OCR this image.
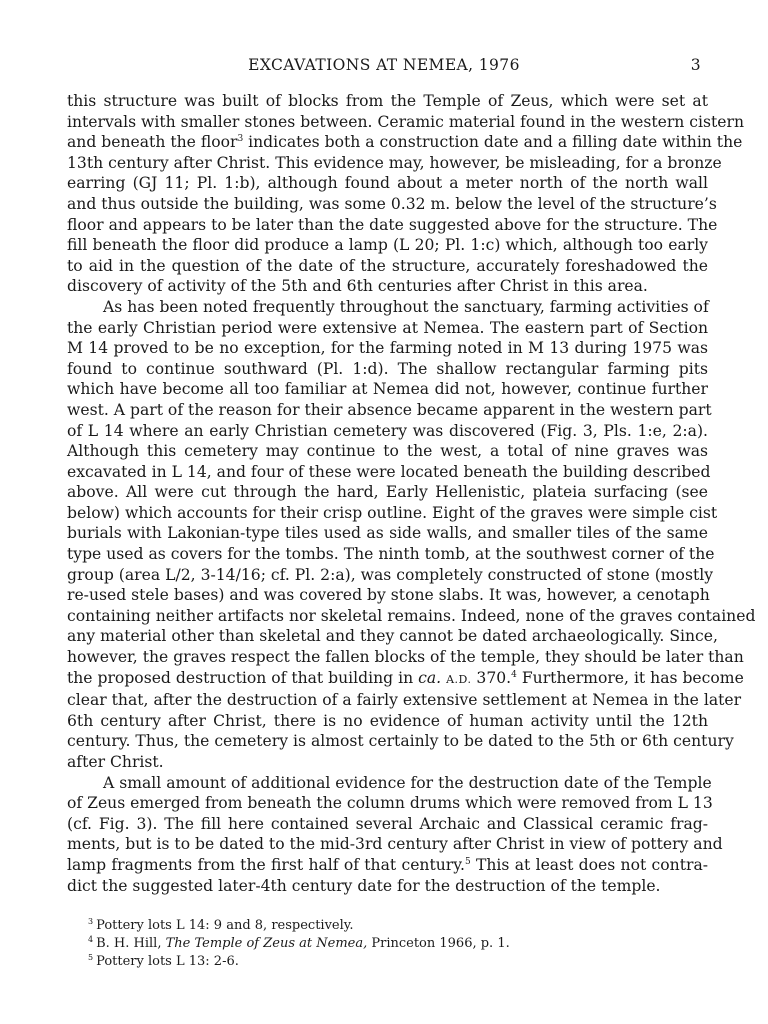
EXCAVATIONS AT NEMEA, 1976	3
this structure was built of blocks from the Temple of Zeus, which were set at
intervals with smaller stones between. Ceramic material found in the western cistern
and beneath the floor$^3$ indicates both a construction date and a filling date within the
13th century after Christ. This evidence may, however, be misleading, for a bronze
earring (GJ 11; Pl. 1:b), although found about a meter north of the north wall
and thus outside the building, was some 0.32 m. below the level of the structure’s
floor and appears to be later than the date suggested above for the structure. The
fill beneath the floor did produce a lamp (L 20; Pl. 1:c) which, although too early
to aid in the question of the date of the structure, accurately foreshadowed the
discovery of activity of the 5th and 6th centuries after Christ in this area.
As has been noted frequently throughout the sanctuary, farming activities of
the early Christian period were extensive at Nemea. The eastern part of Section
M 14 proved to be no exception, for the farming noted in M 13 during 1975 was
found to continue southward (Pl. 1:d). The shallow rectangular farming pits
which have become all too familiar at Nemea did not, however, continue further
west. A part of the reason for their absence became apparent in the western part
of L 14 where an early Christian cemetery was discovered (Fig. 3, Pls. 1:e, 2:a).
Although this cemetery may continue to the west, a total of nine graves was
excavated in L 14, and four of these were located beneath the building described
above. All were cut through the hard, Early Hellenistic, plateia surfacing (see
below) which accounts for their crisp outline. Eight of the graves were simple cist
burials with Lakonian-type tiles used as side walls, and smaller tiles of the same
type used as covers for the tombs. The ninth tomb, at the southwest corner of the
group (area L/2, 3-14/16; cf. Pl. 2:a), was completely constructed of stone (mostly
re-used stele bases) and was covered by stone slabs. It was, however, a cenotaph
containing neither artifacts nor skeletal remains. Indeed, none of the graves contained
any material other than skeletal and they cannot be dated archaeologically. Since,
however, the graves respect the fallen blocks of the temple, they should be later than
the proposed destruction of that building in ca. A.D. 370.$^4$ Furthermore, it has become
clear that, after the destruction of a fairly extensive settlement at Nemea in the later
6th century after Christ, there is no evidence of human activity until the 12th
century. Thus, the cemetery is almost certainly to be dated to the 5th or 6th century
after Christ.
A small amount of additional evidence for the destruction date of the Temple
of Zeus emerged from beneath the column drums which were removed from L 13
(cf. Fig. 3). The fill here contained several Archaic and Classical ceramic frag-
ments, but is to be dated to the mid-3rd century after Christ in view of pottery and
lamp fragments from the first half of that century.$^5$ This at least does not contra-
dict the suggested later-4th century date for the destruction of the temple.
$^3$ Pottery lots L 14: 9 and 8, respectively.
$^4$ B. H. Hill, The Temple of Zeus at Nemea, Princeton 1966, p. 1.
$^5$ Pottery lots L 13: 2-6.
